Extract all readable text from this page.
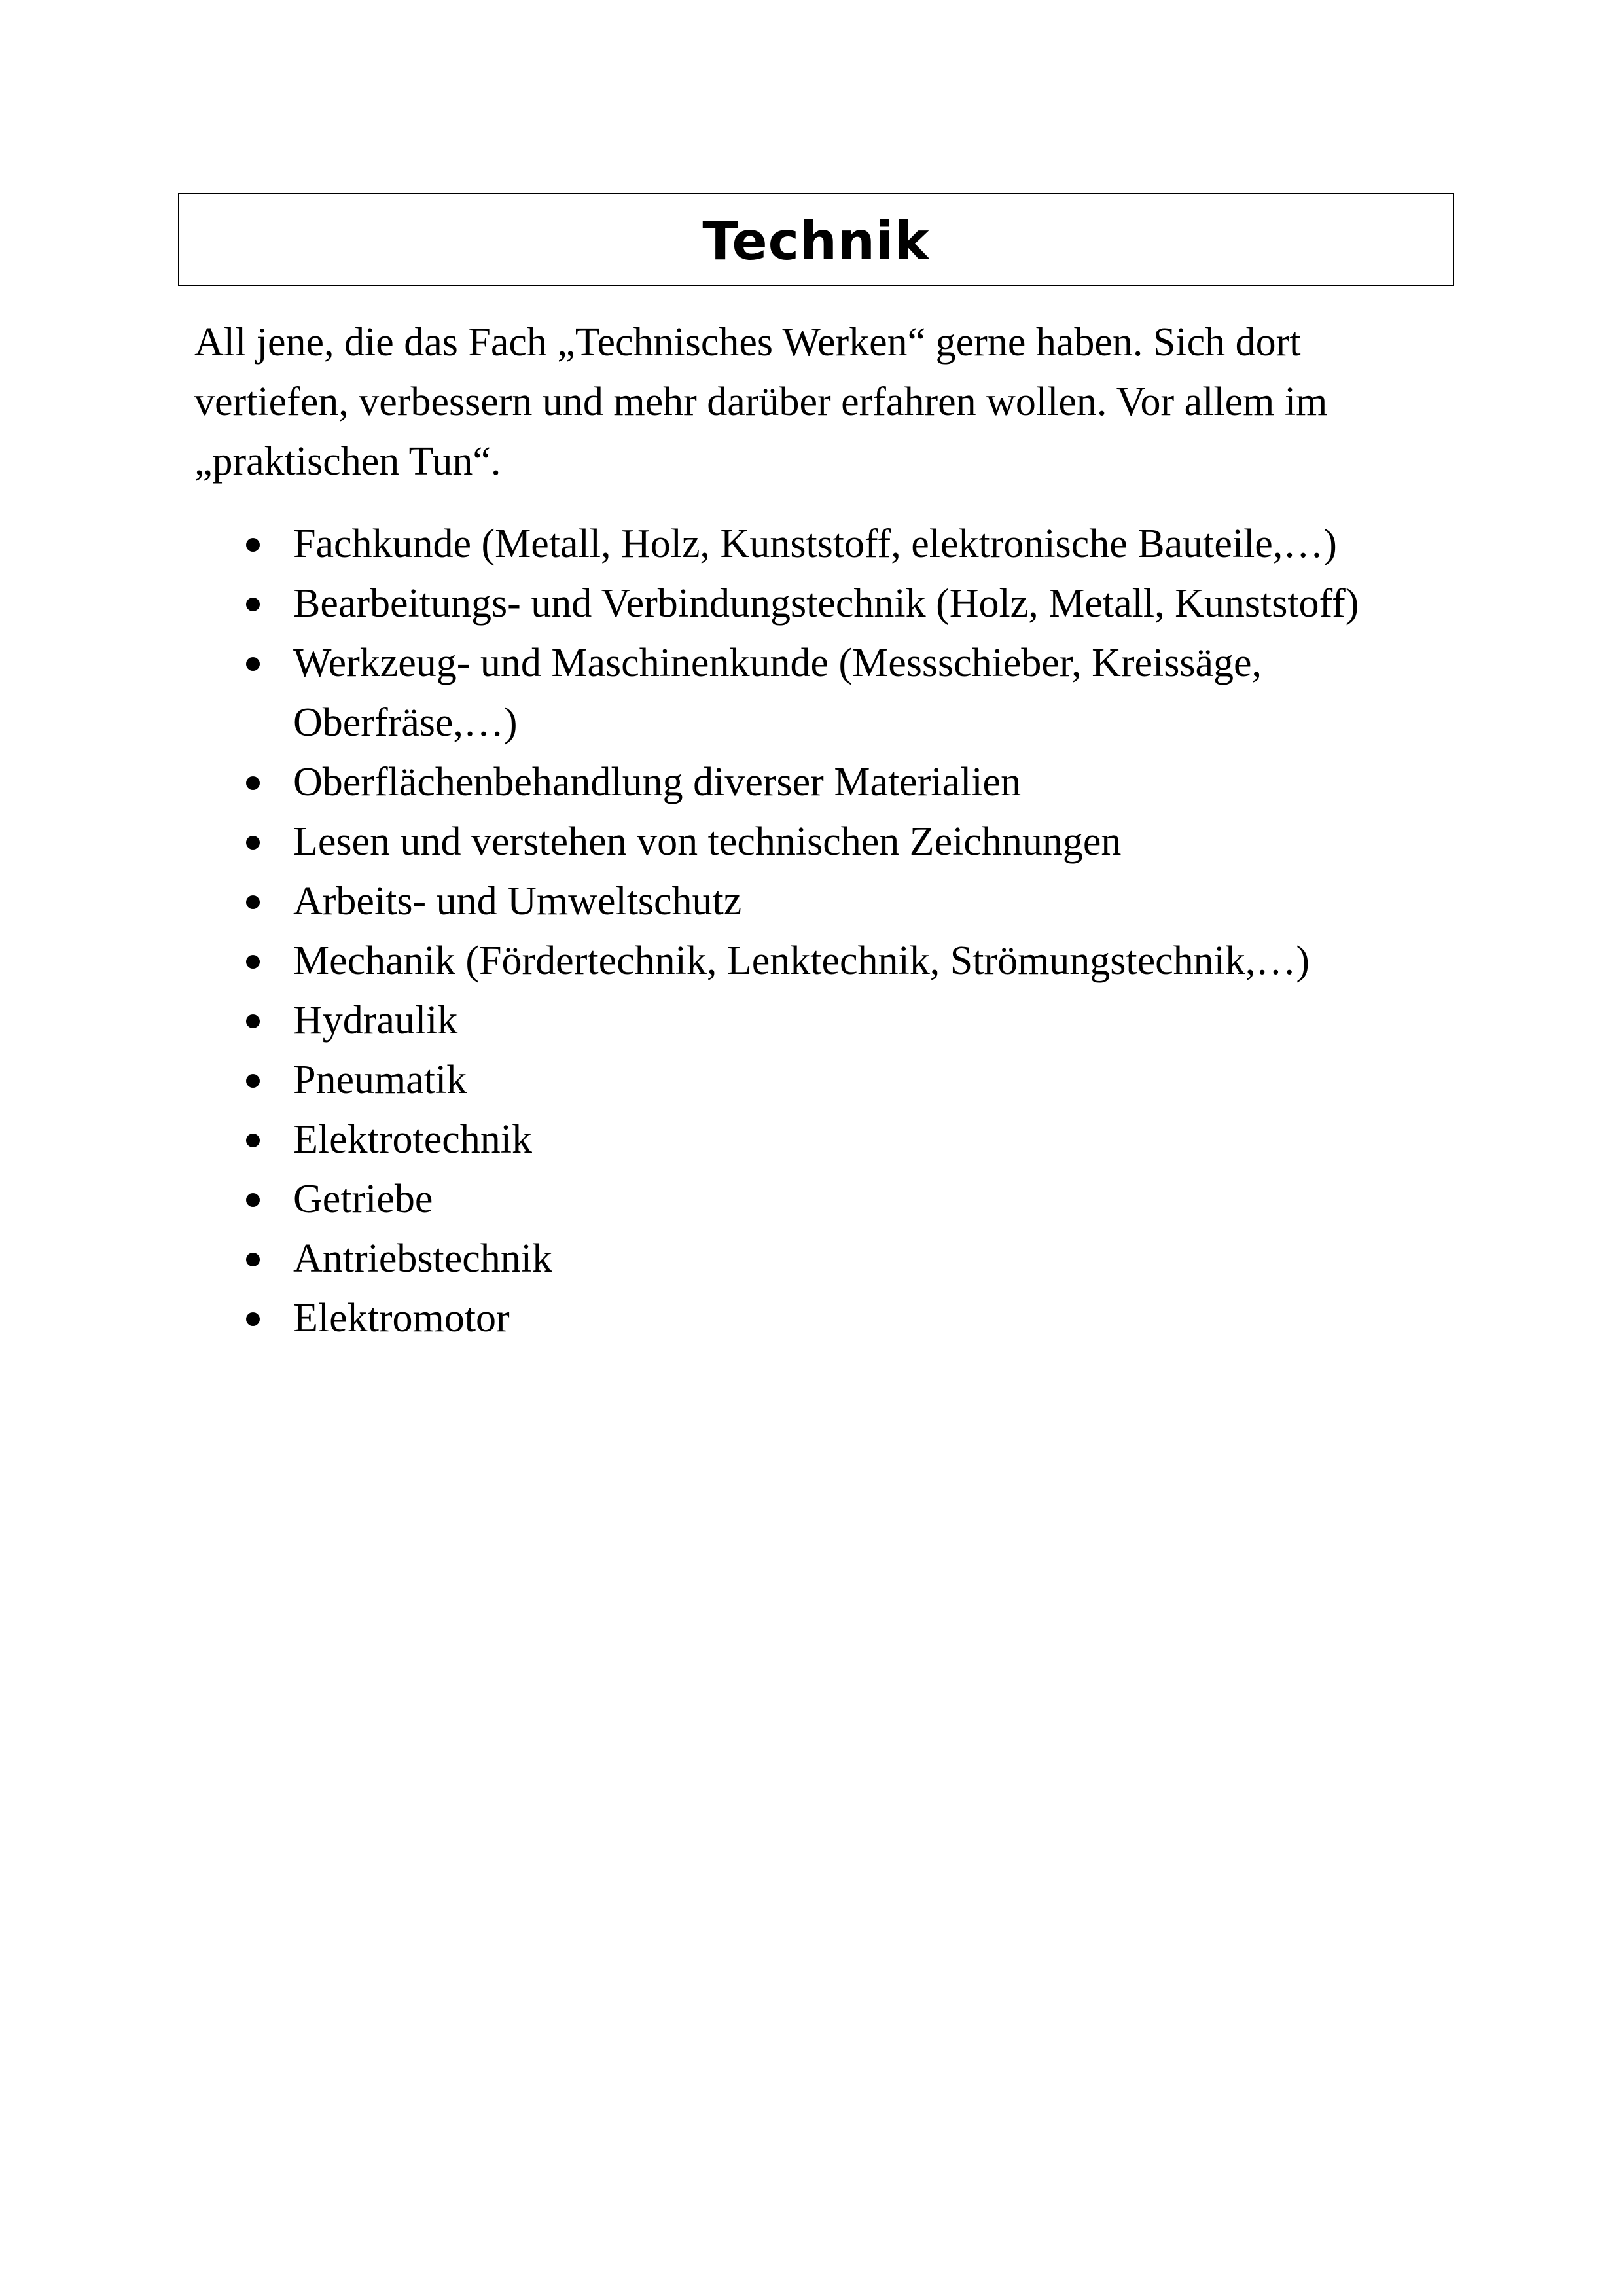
Technik

All jene, die das Fach „Technisches Werken“ gerne haben. Sich dort vertiefen, verbessern und mehr darüber erfahren wollen. Vor allem im „praktischen Tun“.

Fachkunde (Metall, Holz, Kunststoff, elektronische Bauteile,…)
Bearbeitungs- und Verbindungstechnik (Holz, Metall, Kunststoff)
Werkzeug- und Maschinenkunde (Messschieber, Kreissäge, Oberfräse,…)
Oberflächenbehandlung diverser Materialien
Lesen und verstehen von technischen Zeichnungen
Arbeits- und Umweltschutz
Mechanik (Fördertechnik, Lenktechnik, Strömungstechnik,…)
Hydraulik
Pneumatik
Elektrotechnik
Getriebe
Antriebstechnik
Elektromotor
